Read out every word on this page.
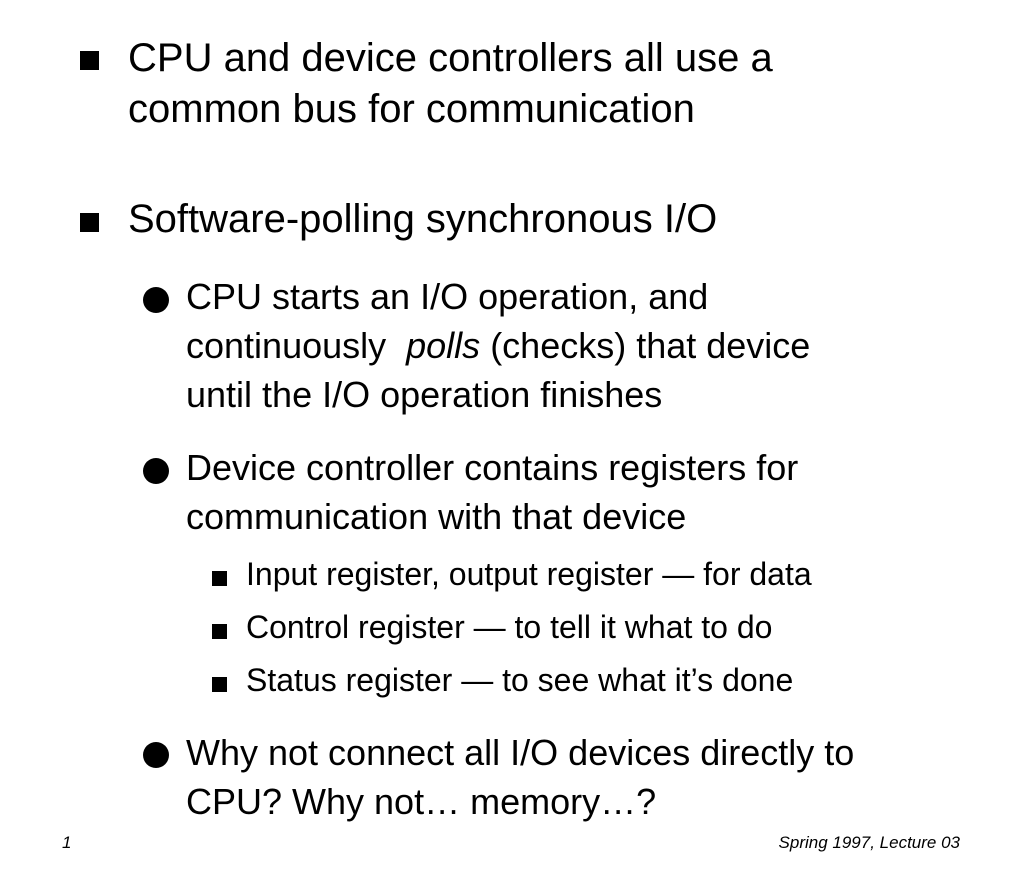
CPU and device controllers all use a
common bus for communication
Software-polling synchronous I/O
CPU starts an I/O operation, and
continuously  polls (checks) that device
until the I/O operation finishes
Device controller contains registers for
communication with that device
Input register, output register — for data
Control register — to tell it what to do
Status register — to see what it’s done
Why not connect all I/O devices directly to
CPU? Why not… memory…?
1	Spring 1997, Lecture 03
